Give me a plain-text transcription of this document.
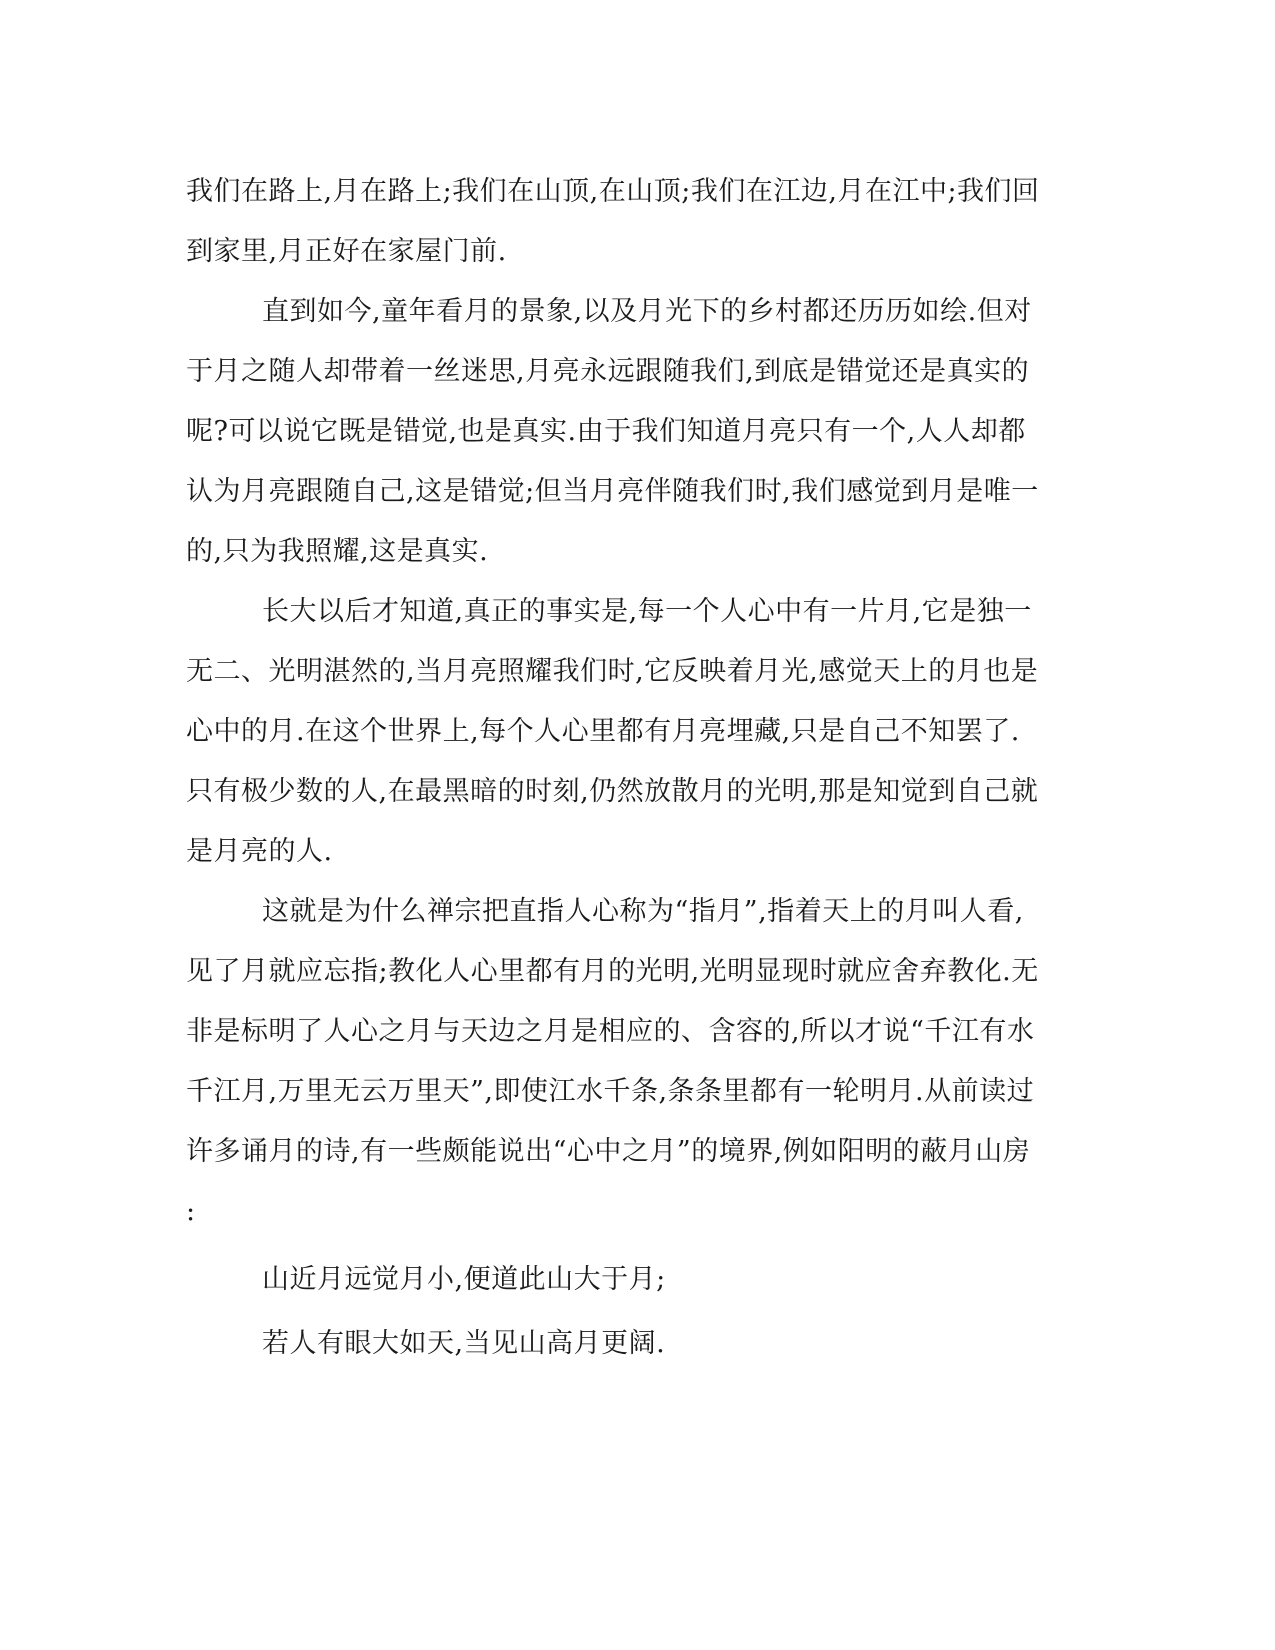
我们在路上,月在路上;我们在山顶,在山顶;我们在江边,月在江中;我们回
到家里,月正好在家屋门前.
直到如今,童年看月的景象,以及月光下的乡村都还历历如绘.但对
于月之随人却带着一丝迷思,月亮永远跟随我们,到底是错觉还是真实的
呢?可以说它既是错觉,也是真实.由于我们知道月亮只有一个,人人却都
认为月亮跟随自己,这是错觉;但当月亮伴随我们时,我们感觉到月是唯一
的,只为我照耀,这是真实.
长大以后才知道,真正的事实是,每一个人心中有一片月,它是独一
无二、光明湛然的,当月亮照耀我们时,它反映着月光,感觉天上的月也是
心中的月.在这个世界上,每个人心里都有月亮埋藏,只是自己不知罢了.
只有极少数的人,在最黑暗的时刻,仍然放散月的光明,那是知觉到自己就
是月亮的人.
这就是为什么禅宗把直指人心称为“指月”,指着天上的月叫人看,
见了月就应忘指;教化人心里都有月的光明,光明显现时就应舍弃教化.无
非是标明了人心之月与天边之月是相应的、含容的,所以才说“千江有水
千江月,万里无云万里天”,即使江水千条,条条里都有一轮明月.从前读过
许多诵月的诗,有一些颇能说出“心中之月”的境界,例如阳明的蔽月山房
:
山近月远觉月小,便道此山大于月;
若人有眼大如天,当见山高月更阔.
